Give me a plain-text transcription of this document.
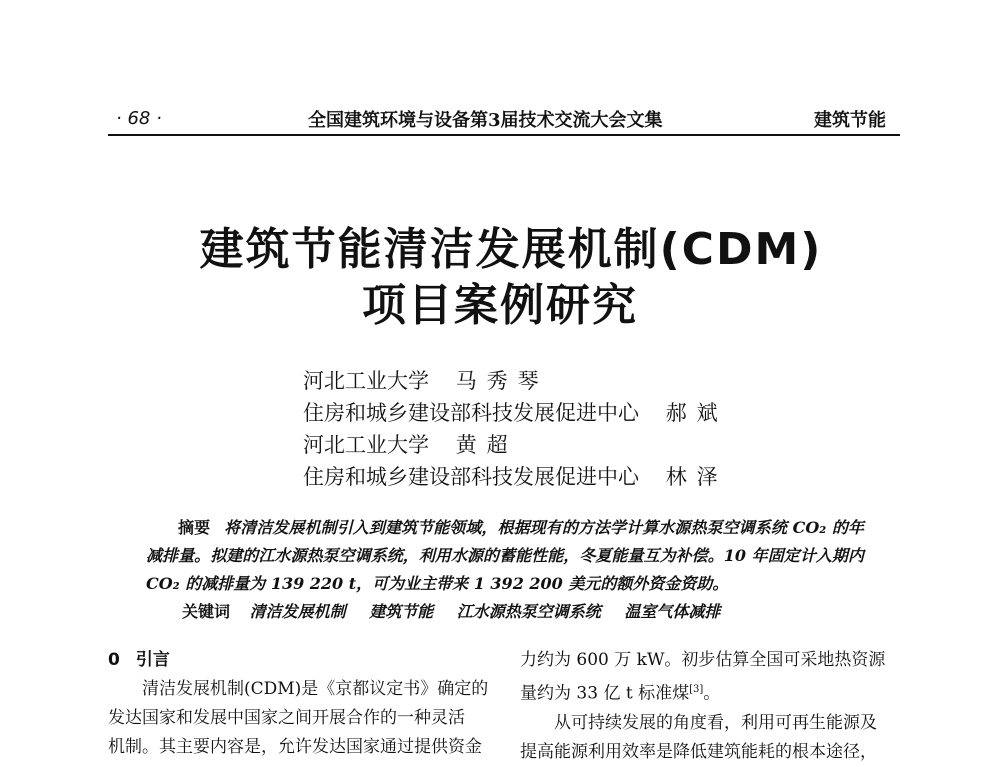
· 68 ·	全国建筑环境与设备第3届技术交流大会文集	建筑节能
建筑节能清洁发展机制(CDM)
项目案例研究
河北工业大学 马秀琴
住房和城乡建设部科技发展促进中心 郝斌
河北工业大学 黄超
住房和城乡建设部科技发展促进中心 林泽

摘要 将清洁发展机制引入到建筑节能领域，根据现有的方法学计算水源热泵空调系统 CO₂ 的年减排量。拟建的江水源热泵空调系统，利用水源的蓄能性能，冬夏能量互为补偿。10 年固定计入期内 CO₂ 的减排量为 139 220 t，可为业主带来 1 392 200 美元的额外资金资助。

关键词 清洁发展机制 建筑节能 江水源热泵空调系统 温室气体减排
0 引言

清洁发展机制(CDM)是《京都议定书》确定的
发达国家和发展中国家之间开展合作的一种灵活
机制。其主要内容是，允许发达国家通过提供资金

力约为 600 万 kW。初步估算全国可采地热资源
量约为 33 亿 t 标准煤[3]。

从可持续发展的角度看，利用可再生能源及
提高能源利用效率是降低建筑能耗的根本途径，
